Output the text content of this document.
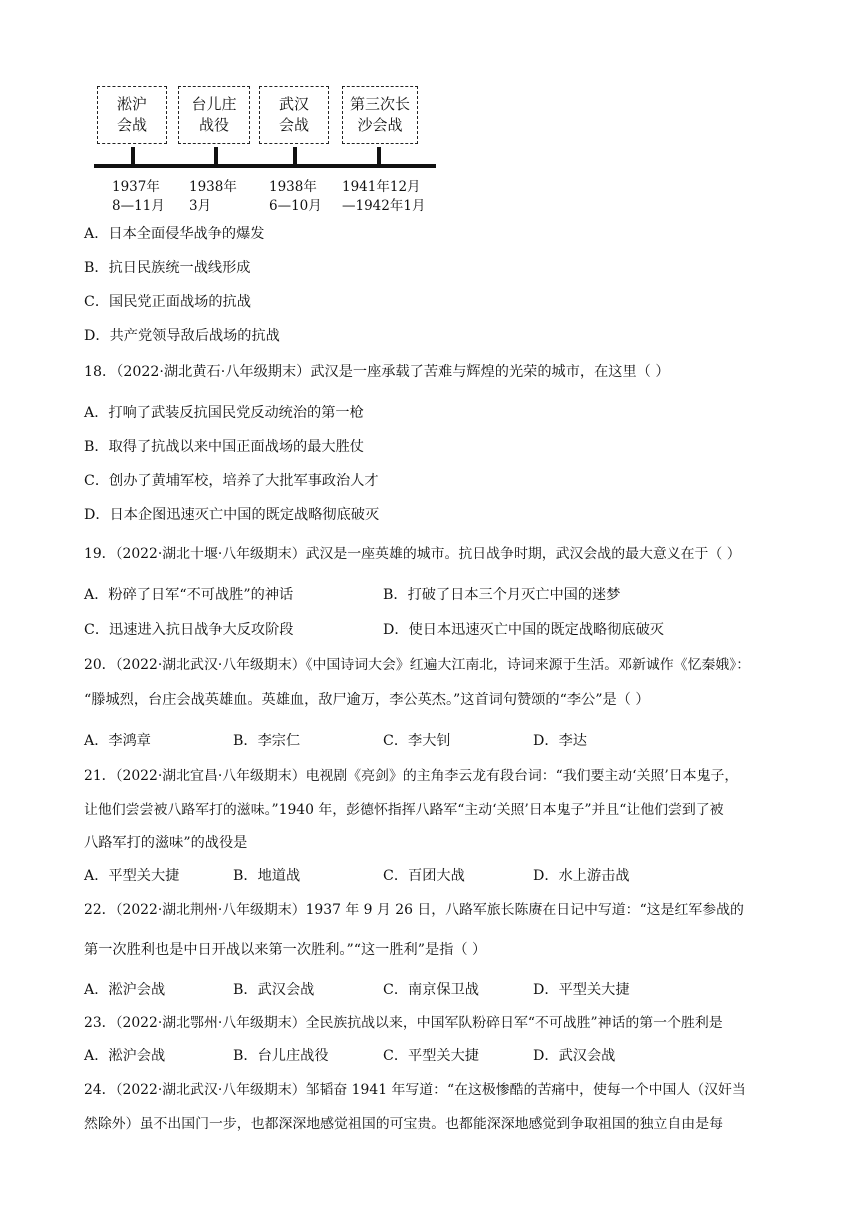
淞沪
会战
台儿庄
战役
武汉
会战
第三次长
沙会战
1937年
8—11月
1938年
3月
1938年
6—10月
1941年12月
—1942年1月
A．日本全面侵华战争的爆发
B．抗日民族统一战线形成
C．国民党正面战场的抗战
D．共产党领导敌后战场的抗战
18．（2022·湖北黄石·八年级期末）武汉是一座承载了苦难与辉煌的光荣的城市，在这里（ ）
A．打响了武装反抗国民党反动统治的第一枪
B．取得了抗战以来中国正面战场的最大胜仗
C．创办了黄埔军校，培养了大批军事政治人才
D．日本企图迅速灭亡中国的既定战略彻底破灭
19．（2022·湖北十堰·八年级期末）武汉是一座英雄的城市。抗日战争时期，武汉会战的最大意义在于（ ）
A．粉碎了日军“不可战胜”的神话	B．打破了日本三个月灭亡中国的迷梦
C．迅速进入抗日战争大反攻阶段	D．使日本迅速灭亡中国的既定战略彻底破灭
20．（2022·湖北武汉·八年级期末）《中国诗词大会》红遍大江南北，诗词来源于生活。邓新诚作《忆秦娥》：
“滕城烈，台庄会战英雄血。英雄血，敌尸逾万，李公英杰。”这首词句赞颂的“李公”是（ ）
A．李鸿章	B．李宗仁	C．李大钊	D．李达
21．（2022·湖北宜昌·八年级期末）电视剧《亮剑》的主角李云龙有段台词：“我们要主动‘关照’日本鬼子，
让他们尝尝被八路军打的滋味。”1940 年，彭德怀指挥八路军“主动‘关照’日本鬼子”并且“让他们尝到了被
八路军打的滋味”的战役是
A．平型关大捷	B．地道战	C．百团大战	D．水上游击战
22．（2022·湖北荆州·八年级期末）1937 年 9 月 26 日，八路军旅长陈赓在日记中写道：“这是红军参战的
第一次胜利也是中日开战以来第一次胜利。”“这一胜利”是指（ ）
A．淞沪会战	B．武汉会战	C．南京保卫战	D．平型关大捷
23．（2022·湖北鄂州·八年级期末）全民族抗战以来，中国军队粉碎日军“不可战胜”神话的第一个胜利是
A．淞沪会战	B．台儿庄战役	C．平型关大捷	D．武汉会战
24．（2022·湖北武汉·八年级期末）邹韬奋 1941 年写道：“在这极惨酷的苦痛中，使每一个中国人（汉奸当
然除外）虽不出国门一步，也都深深地感觉祖国的可宝贵。也都能深深地感觉到争取祖国的独立自由是每
